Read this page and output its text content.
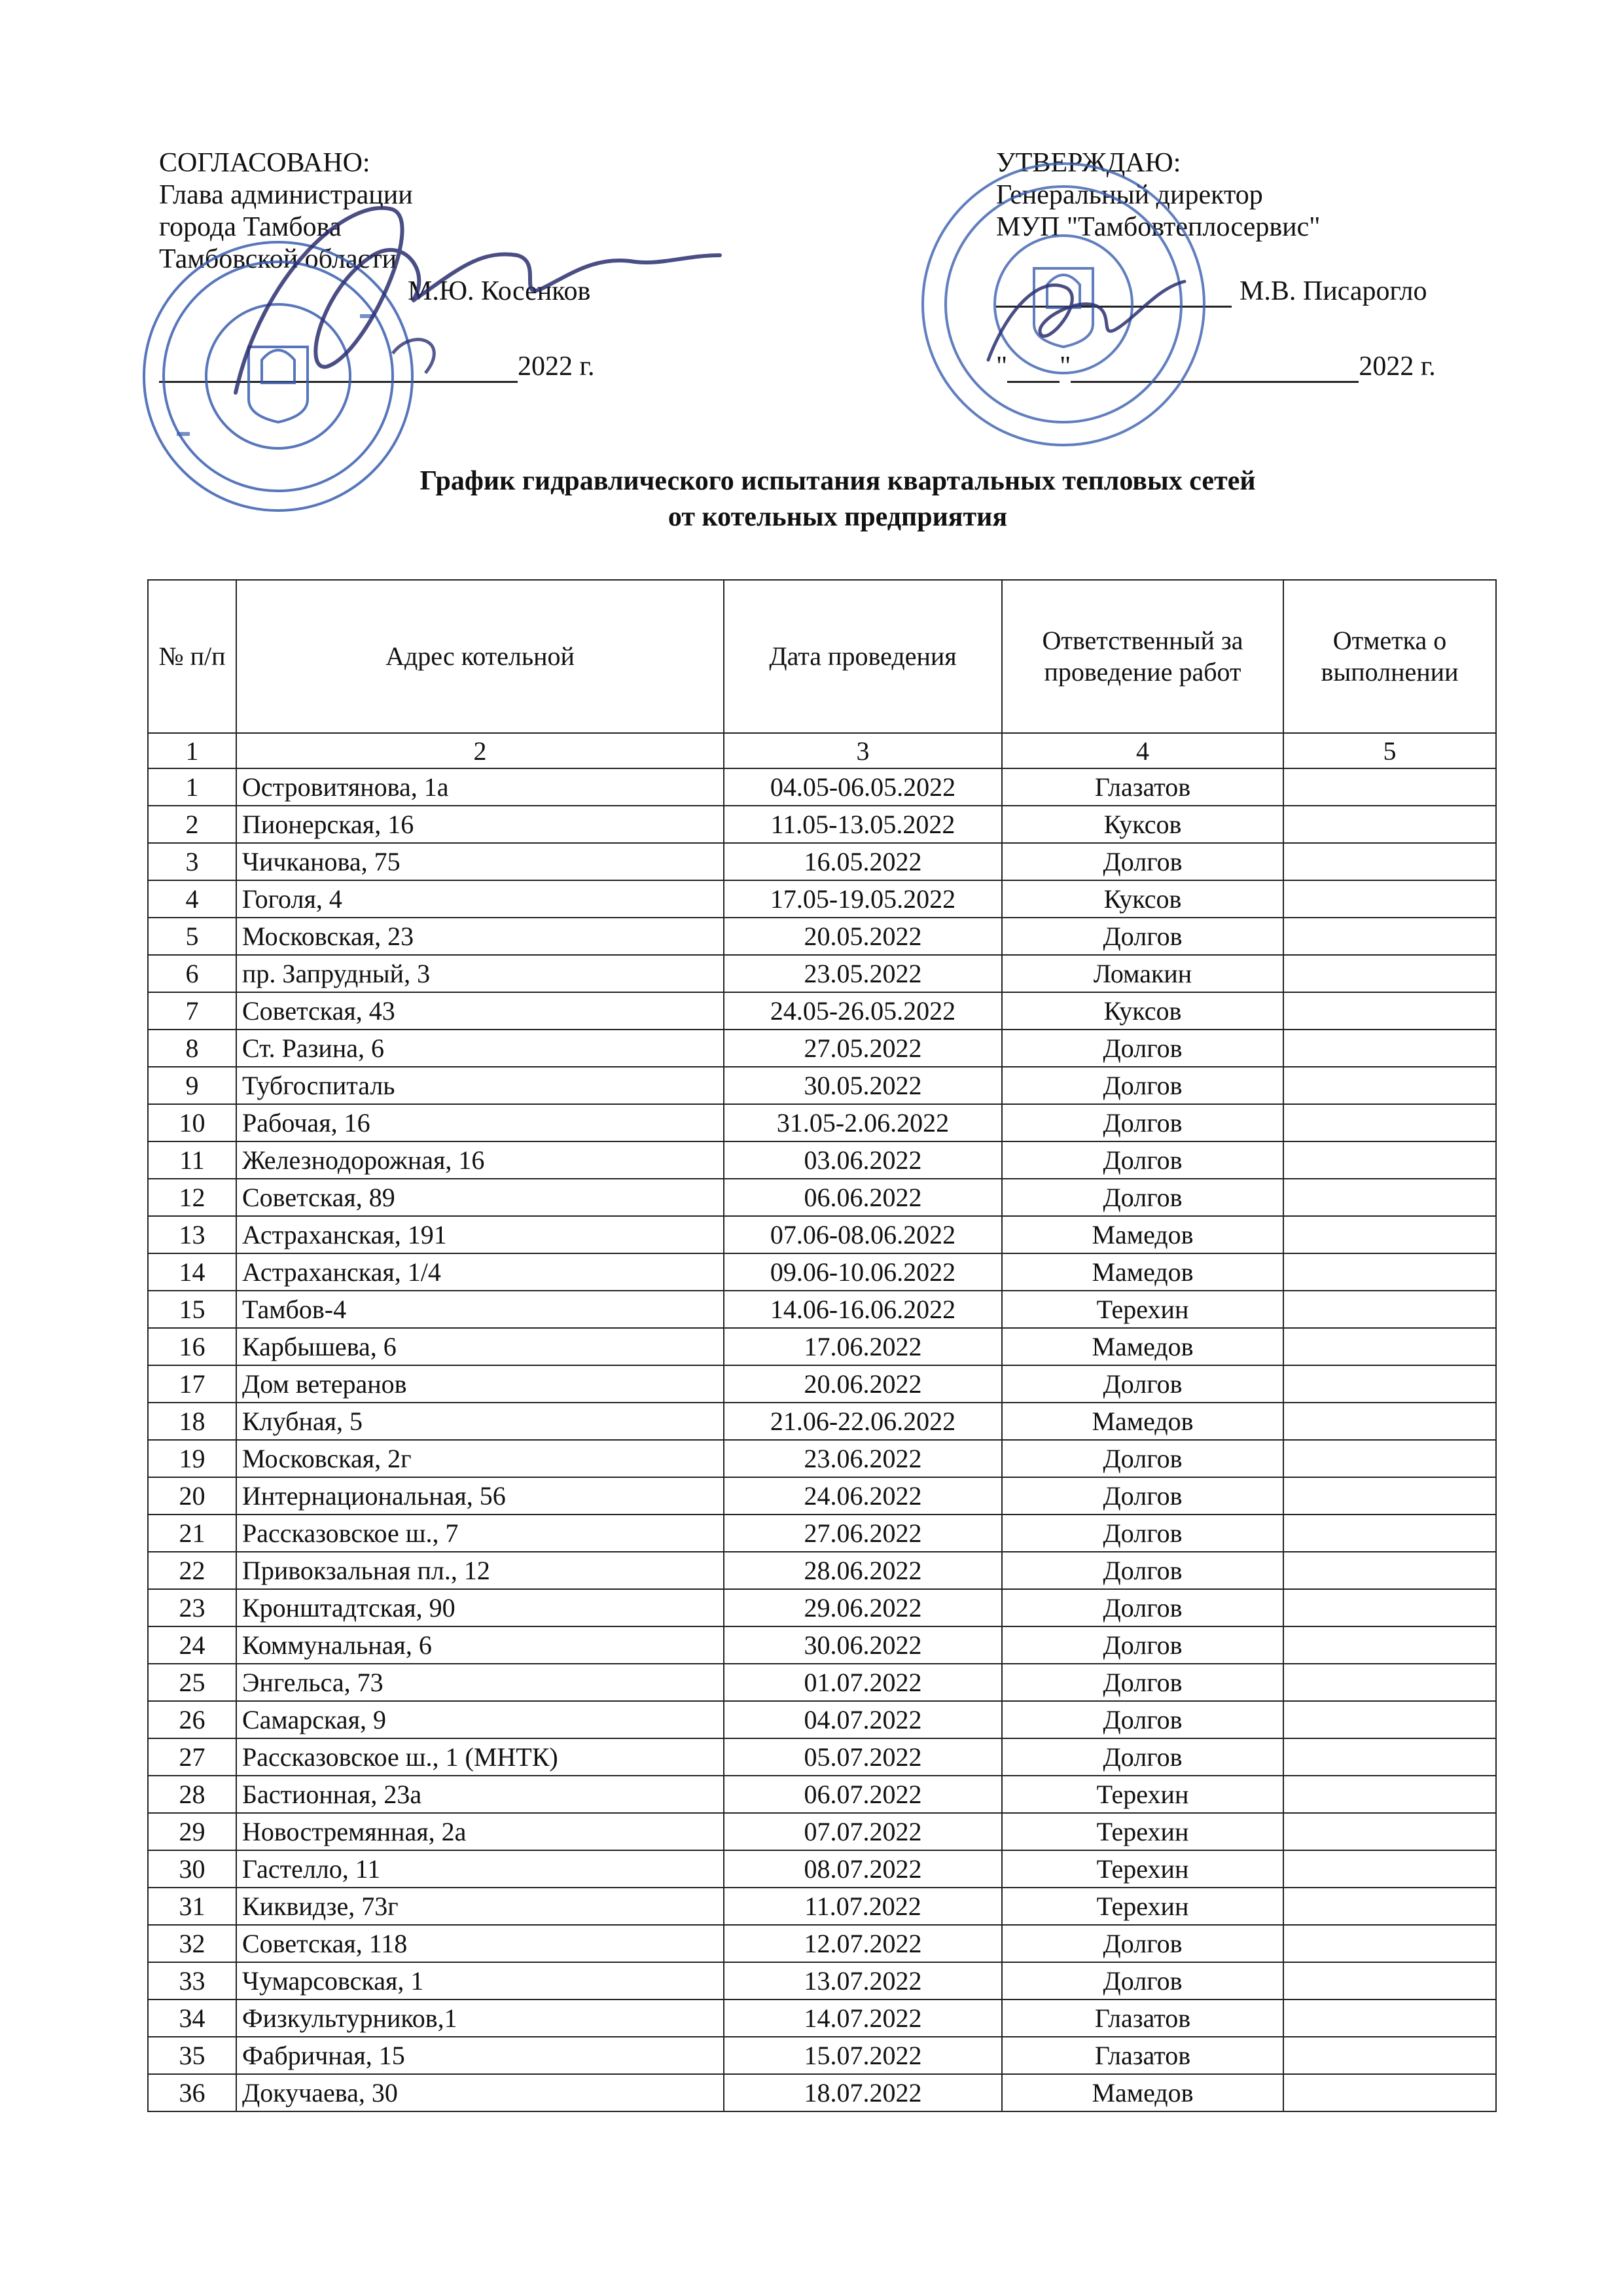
СОГЛАСОВАНО:
Глава администрации
города Тамбова
Тамбовской области
М.Ю. Косенков
2022 г.
УТВЕРЖДАЮ:
Генеральный директор
МУП "Тамбовтеплосервис"
М.В. Писарогло
" "	2022 г.
График гидравлического испытания квартальных тепловых сетей
от котельных предприятия
№ п/п	Адрес котельной	Дата проведения	Ответственный за проведение работ	Отметка о выполнении
1	2	3	4	5
1	Островитянова, 1а	04.05-06.05.2022	Глазатов	
2	Пионерская, 16	11.05-13.05.2022	Куксов	
3	Чичканова, 75	16.05.2022	Долгов	
4	Гоголя, 4	17.05-19.05.2022	Куксов	
5	Московская, 23	20.05.2022	Долгов	
6	пр. Запрудный, 3	23.05.2022	Ломакин	
7	Советская, 43	24.05-26.05.2022	Куксов	
8	Ст. Разина, 6	27.05.2022	Долгов	
9	Тубгоспиталь	30.05.2022	Долгов	
10	Рабочая, 16	31.05-2.06.2022	Долгов	
11	Железнодорожная, 16	03.06.2022	Долгов	
12	Советская, 89	06.06.2022	Долгов	
13	Астраханская, 191	07.06-08.06.2022	Мамедов	
14	Астраханская, 1/4	09.06-10.06.2022	Мамедов	
15	Тамбов-4	14.06-16.06.2022	Терехин	
16	Карбышева, 6	17.06.2022	Мамедов	
17	Дом ветеранов	20.06.2022	Долгов	
18	Клубная, 5	21.06-22.06.2022	Мамедов	
19	Московская, 2г	23.06.2022	Долгов	
20	Интернациональная, 56	24.06.2022	Долгов	
21	Рассказовское ш., 7	27.06.2022	Долгов	
22	Привокзальная пл., 12	28.06.2022	Долгов	
23	Кронштадтская, 90	29.06.2022	Долгов	
24	Коммунальная, 6	30.06.2022	Долгов	
25	Энгельса, 73	01.07.2022	Долгов	
26	Самарская, 9	04.07.2022	Долгов	
27	Рассказовское ш., 1 (МНТК)	05.07.2022	Долгов	
28	Бастионная, 23а	06.07.2022	Терехин	
29	Новостремянная, 2а	07.07.2022	Терехин	
30	Гастелло, 11	08.07.2022	Терехин	
31	Киквидзе, 73г	11.07.2022	Терехин	
32	Советская, 118	12.07.2022	Долгов	
33	Чумарсовская, 1	13.07.2022	Долгов	
34	Физкультурников,1	14.07.2022	Глазатов	
35	Фабричная, 15	15.07.2022	Глазатов	
36	Докучаева, 30	18.07.2022	Мамедов	
